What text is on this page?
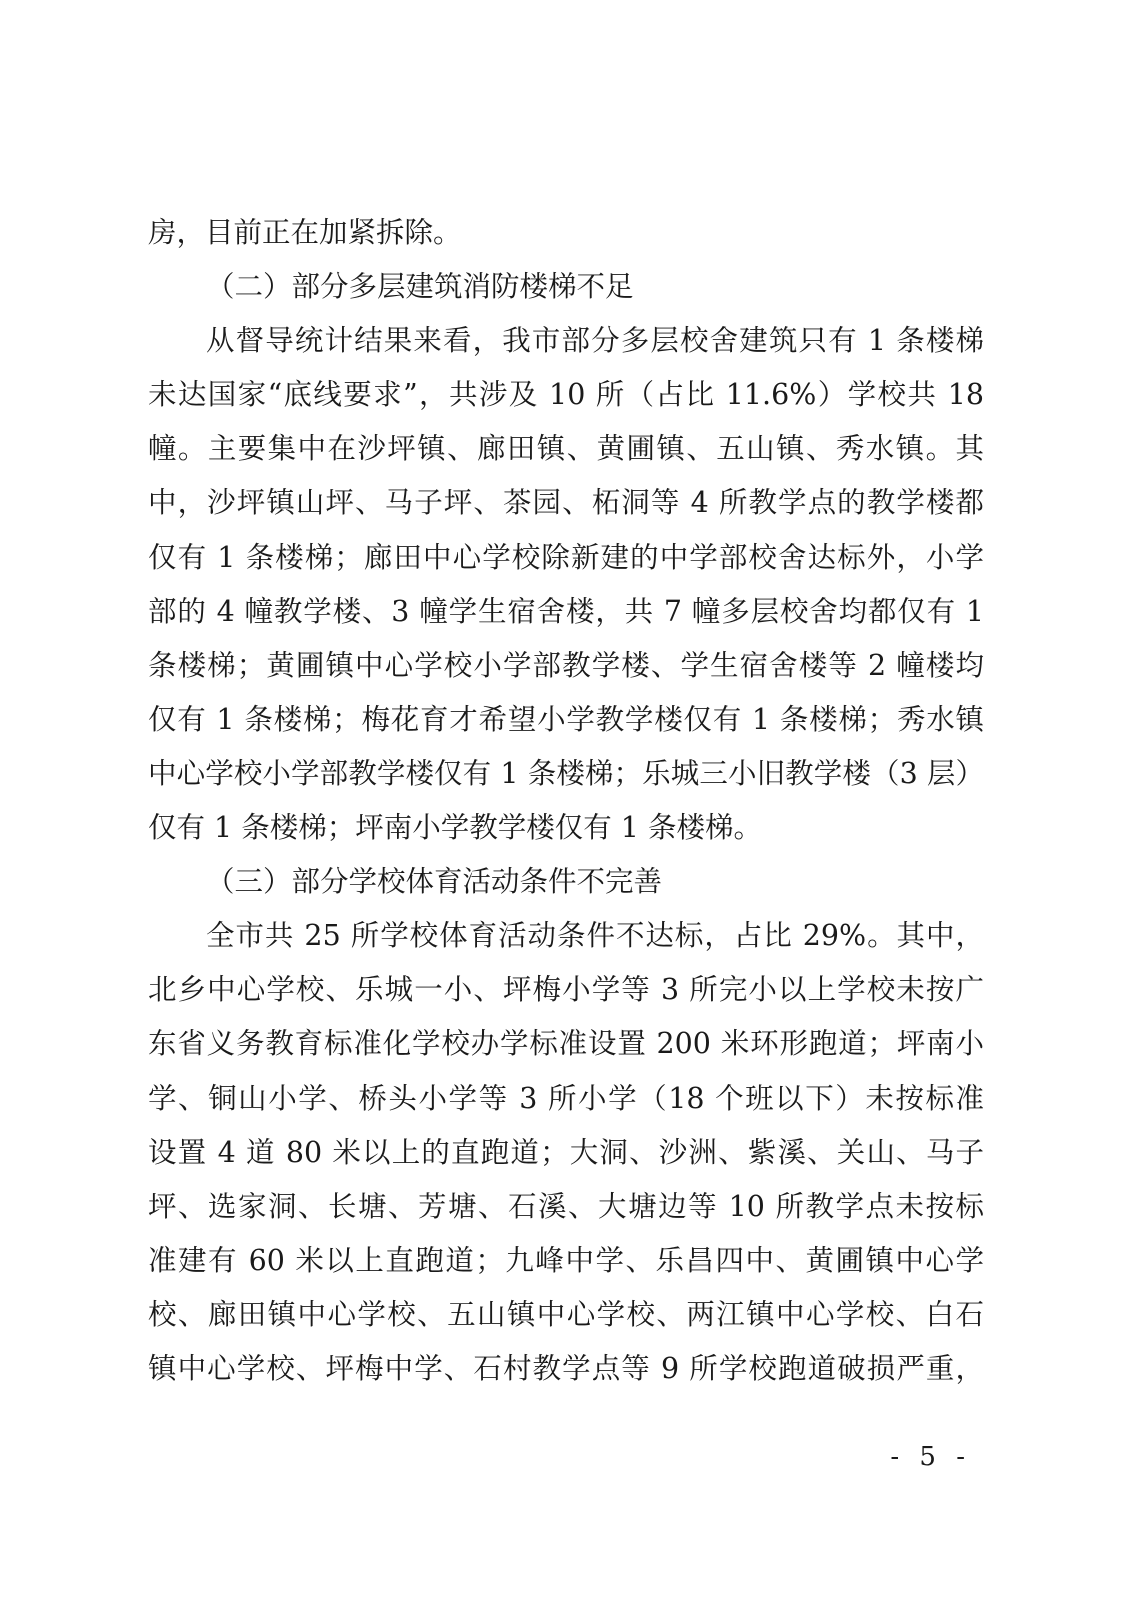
房，目前正在加紧拆除。
（二）部分多层建筑消防楼梯不足
从督导统计结果来看，我市部分多层校舍建筑只有 1 条楼梯
未达国家“底线要求”，共涉及 10 所（占比 11.6%）学校共 18
幢。主要集中在沙坪镇、廊田镇、黄圃镇、五山镇、秀水镇。其
中，沙坪镇山坪、马子坪、茶园、柘洞等 4 所教学点的教学楼都
仅有 1 条楼梯；廊田中心学校除新建的中学部校舍达标外，小学
部的 4 幢教学楼、3 幢学生宿舍楼，共 7 幢多层校舍均都仅有 1
条楼梯；黄圃镇中心学校小学部教学楼、学生宿舍楼等 2 幢楼均
仅有 1 条楼梯；梅花育才希望小学教学楼仅有 1 条楼梯；秀水镇
中心学校小学部教学楼仅有 1 条楼梯；乐城三小旧教学楼（3 层）
仅有 1 条楼梯；坪南小学教学楼仅有 1 条楼梯。
（三）部分学校体育活动条件不完善
全市共 25 所学校体育活动条件不达标，占比 29%。其中，
北乡中心学校、乐城一小、坪梅小学等 3 所完小以上学校未按广
东省义务教育标准化学校办学标准设置 200 米环形跑道；坪南小
学、铜山小学、桥头小学等 3 所小学（18 个班以下）未按标准
设置 4 道 80 米以上的直跑道；大洞、沙洲、紫溪、关山、马子
坪、选家洞、长塘、芳塘、石溪、大塘边等 10 所教学点未按标
准建有 60 米以上直跑道；九峰中学、乐昌四中、黄圃镇中心学
校、廊田镇中心学校、五山镇中心学校、两江镇中心学校、白石
镇中心学校、坪梅中学、石村教学点等 9 所学校跑道破损严重，
- 5 -
